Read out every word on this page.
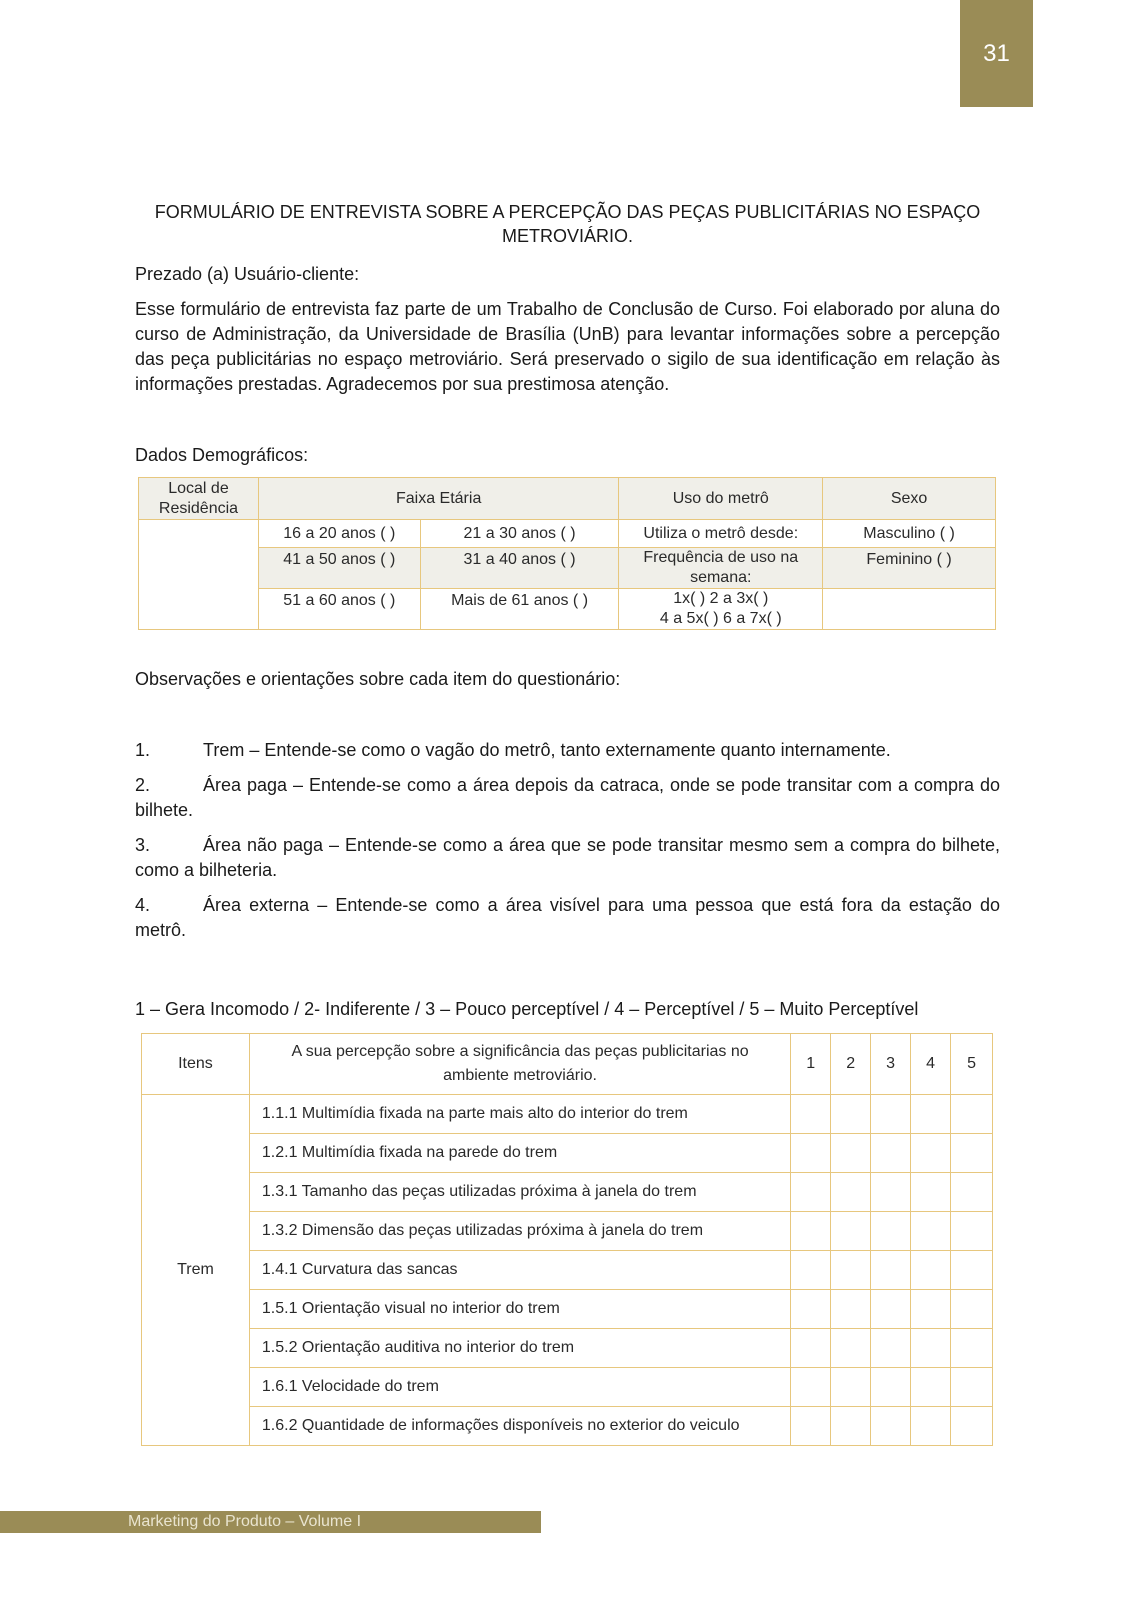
31
FORMULÁRIO DE ENTREVISTA SOBRE A PERCEPÇÃO DAS PEÇAS PUBLICITÁRIAS NO ESPAÇO METROVIÁRIO.
Prezado (a) Usuário-cliente:
Esse formulário de entrevista faz parte de um Trabalho de Conclusão de Curso. Foi elaborado por aluna do curso de Administração, da Universidade de Brasília (UnB) para levantar informações sobre a percepção das peça publicitárias no espaço metroviário. Será preservado o sigilo de sua identificação em relação às informações prestadas. Agradecemos por sua prestimosa atenção.
Dados Demográficos:
Local de Residência	Faixa Etária		Uso do metrô	Sexo
	16 a 20 anos ( )	21 a 30 anos ( )	Utiliza o metrô desde:	Masculino ( )
	41 a 50 anos ( )	31 a 40 anos ( )	Frequência de uso na semana:	Feminino ( )
	51 a 60 anos ( )	Mais de 61 anos ( )	1x( ) 2 a 3x( )
4 a 5x( ) 6 a 7x( )	

Observações e orientações sobre cada item do questionário:
1.	Trem – Entende-se como o vagão do metrô, tanto externamente quanto internamente.
2.	Área paga – Entende-se como a área depois da catraca, onde se pode transitar com a compra do bilhete.
3.	Área não paga – Entende-se como a área que se pode transitar mesmo sem a compra do bilhete, como a bilheteria.
4.	Área externa – Entende-se como a área visível para uma pessoa que está fora da estação do metrô.
1 – Gera Incomodo / 2- Indiferente / 3 – Pouco perceptível / 4 – Perceptível / 5 – Muito Perceptível
Itens	A sua percepção sobre a significância das peças publicitarias no ambiente metroviário.	1	2	3	4	5
Trem	1.1.1 Multimídia fixada na parte mais alto do interior do trem					
	1.2.1 Multimídia fixada na parede do trem					
	1.3.1 Tamanho das peças utilizadas próxima à janela do trem					
	1.3.2 Dimensão das peças utilizadas próxima à janela do trem					
	1.4.1 Curvatura das sancas					
	1.5.1 Orientação visual no interior do trem					
	1.5.2 Orientação auditiva no interior do trem					
	1.6.1 Velocidade do trem					
	1.6.2 Quantidade de informações disponíveis no exterior do veiculo					
Marketing do Produto – Volume I
